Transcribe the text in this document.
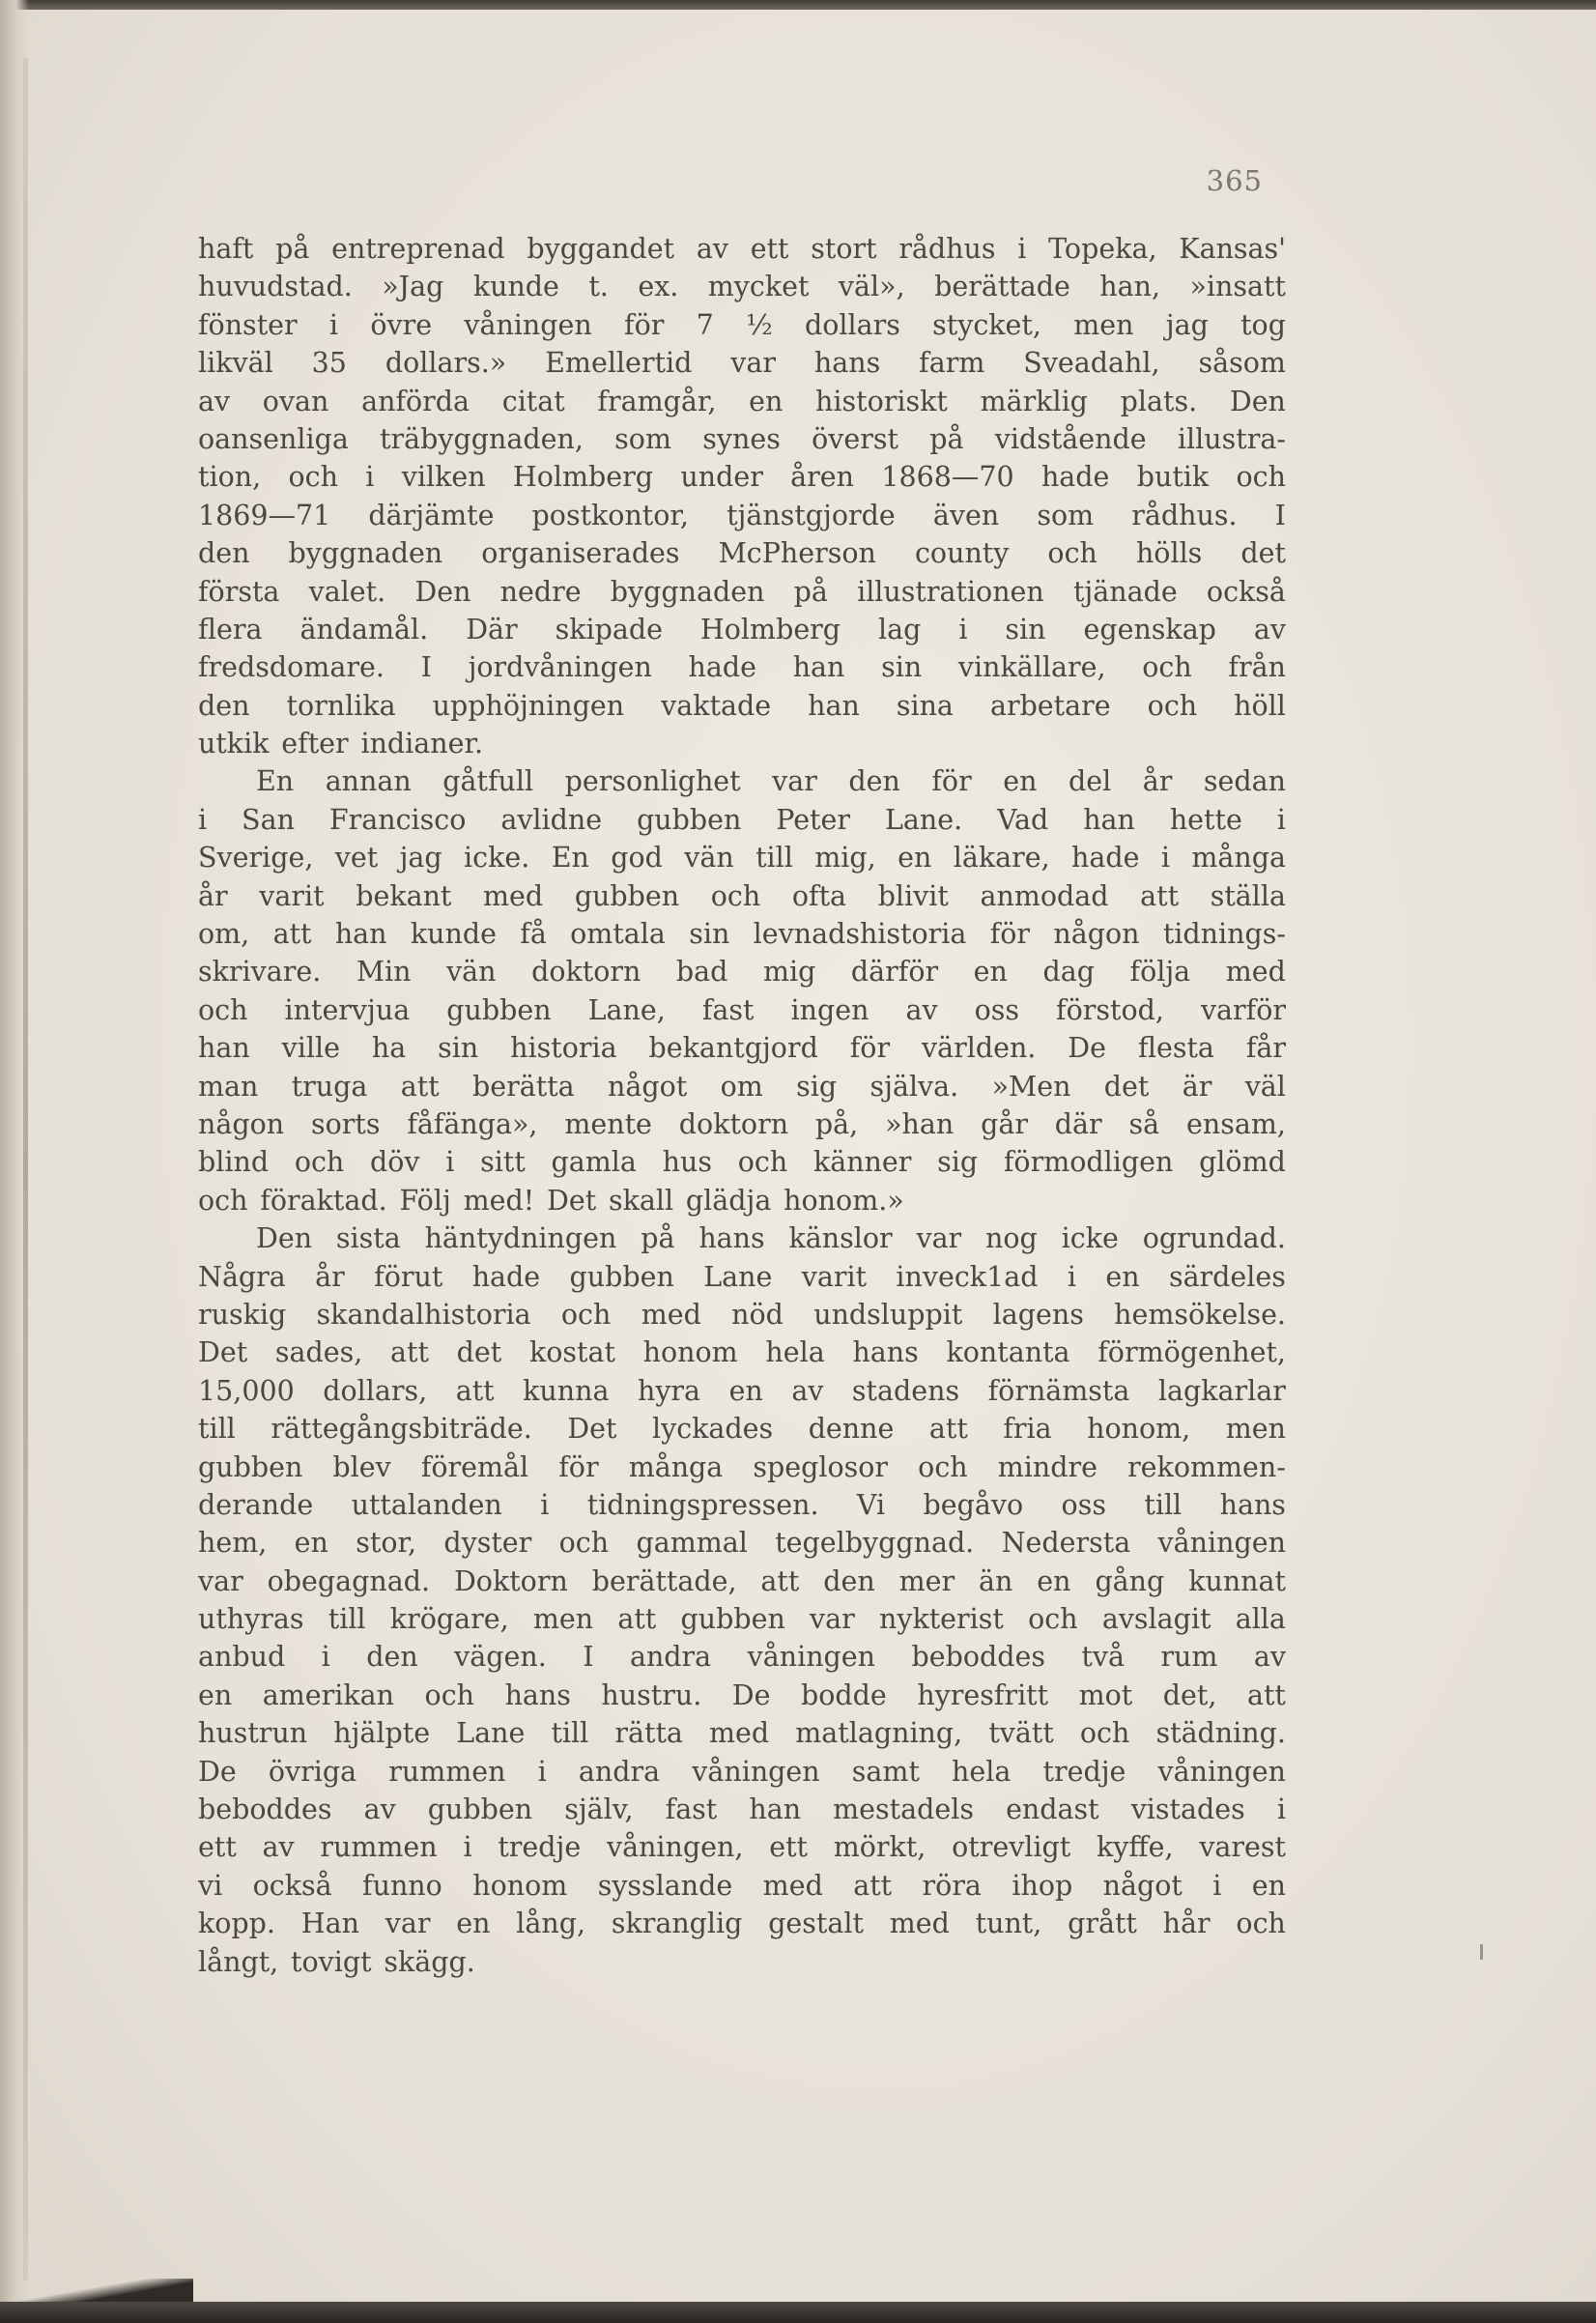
365
haft på entreprenad byggandet av ett stort rådhus i Topeka, Kansas'
huvudstad. »Jag kunde t. ex. mycket väl», berättade han, »insatt
fönster i övre våningen för 7 ½ dollars stycket, men jag tog
likväl 35 dollars.» Emellertid var hans farm Sveadahl, såsom
av ovan anförda citat framgår, en historiskt märklig plats. Den
oansenliga träbyggnaden, som synes överst på vidstående illustra-
tion, och i vilken Holmberg under åren 1868—70 hade butik och
1869—71 därjämte postkontor, tjänstgjorde även som rådhus. I
den byggnaden organiserades McPherson county och hölls det
första valet. Den nedre byggnaden på illustrationen tjänade också
flera ändamål. Där skipade Holmberg lag i sin egenskap av
fredsdomare. I jordvåningen hade han sin vinkällare, och från
den tornlika upphöjningen vaktade han sina arbetare och höll
utkik efter indianer.
En annan gåtfull personlighet var den för en del år sedan
i San Francisco avlidne gubben Peter Lane. Vad han hette i
Sverige, vet jag icke. En god vän till mig, en läkare, hade i många
år varit bekant med gubben och ofta blivit anmodad att ställa
om, att han kunde få omtala sin levnadshistoria för någon tidnings-
skrivare. Min vän doktorn bad mig därför en dag följa med
och intervjua gubben Lane, fast ingen av oss förstod, varför
han ville ha sin historia bekantgjord för världen. De flesta får
man truga att berätta något om sig själva. »Men det är väl
någon sorts fåfänga», mente doktorn på, »han går där så ensam,
blind och döv i sitt gamla hus och känner sig förmodligen glömd
och föraktad. Följ med! Det skall glädja honom.»
Den sista häntydningen på hans känslor var nog icke ogrundad.
Några år förut hade gubben Lane varit inveck1ad i en särdeles
ruskig skandalhistoria och med nöd undsluppit lagens hemsökelse.
Det sades, att det kostat honom hela hans kontanta förmögenhet,
15,000 dollars, att kunna hyra en av stadens förnämsta lagkarlar
till rättegångsbiträde. Det lyckades denne att fria honom, men
gubben blev föremål för många speglosor och mindre rekommen-
derande uttalanden i tidningspressen. Vi begåvo oss till hans
hem, en stor, dyster och gammal tegelbyggnad. Nedersta våningen
var obegagnad. Doktorn berättade, att den mer än en gång kunnat
uthyras till krögare, men att gubben var nykterist och avslagit alla
anbud i den vägen. I andra våningen beboddes två rum av
en amerikan och hans hustru. De bodde hyresfritt mot det, att
hustrun hjälpte Lane till rätta med matlagning, tvätt och städning.
De övriga rummen i andra våningen samt hela tredje våningen
beboddes av gubben själv, fast han mestadels endast vistades i
ett av rummen i tredje våningen, ett mörkt, otrevligt kyffe, varest
vi också funno honom sysslande med att röra ihop något i en
kopp. Han var en lång, skranglig gestalt med tunt, grått hår och
långt, tovigt skägg.
